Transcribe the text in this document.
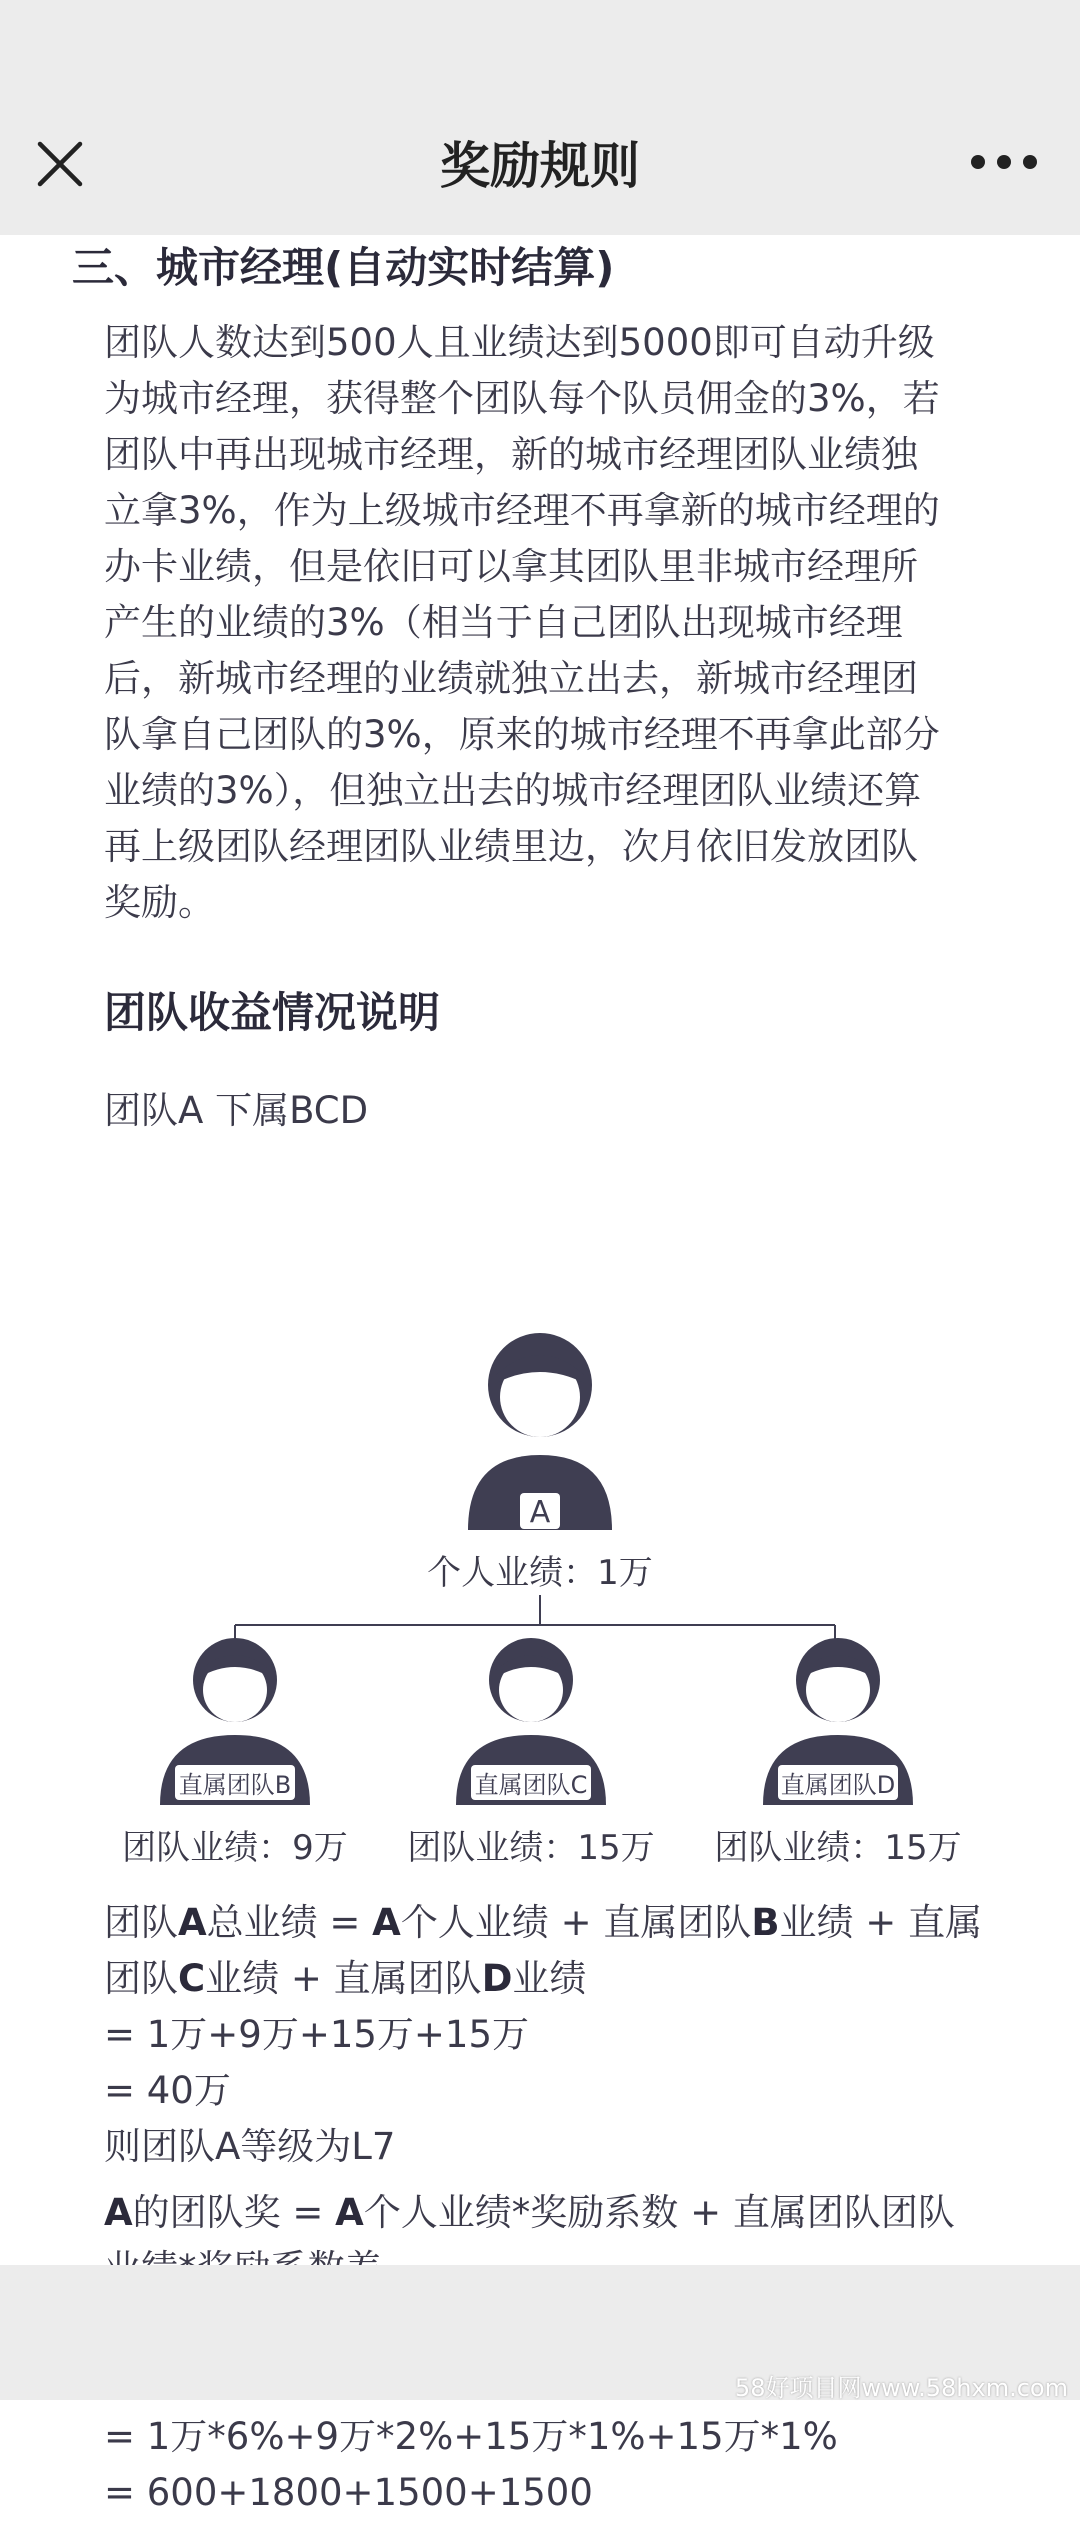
奖励规则
三、城市经理(自动实时结算)
团队人数达到500人且业绩达到5000即可自动升级
为城市经理，获得整个团队每个队员佣金的3%，若
团队中再出现城市经理，新的城市经理团队业绩独
立拿3%，作为上级城市经理不再拿新的城市经理的
办卡业绩，但是依旧可以拿其团队里非城市经理所
产生的业绩的3%（相当于自己团队出现城市经理
后，新城市经理的业绩就独立出去，新城市经理团
队拿自己团队的3%，原来的城市经理不再拿此部分
业绩的3%），但独立出去的城市经理团队业绩还算
再上级团队经理团队业绩里边，次月依旧发放团队
奖励。
团队收益情况说明
团队A 下属BCD
A
个人业绩：1万
直属团队B	直属团队C	直属团队D
团队业绩：9万	团队业绩：15万	团队业绩：15万
团队A总业绩 = A个人业绩 + 直属团队B业绩 + 直属
团队C业绩 + 直属团队D业绩
= 1万+9万+15万+15万
= 40万
则团队A等级为L7
A的团队奖 = A个人业绩*奖励系数 + 直属团队团队
= 1万*6%+9万*2%+15万*1%+15万*1%
= 600+1800+1500+1500
58好项目网www.58hxm.com
